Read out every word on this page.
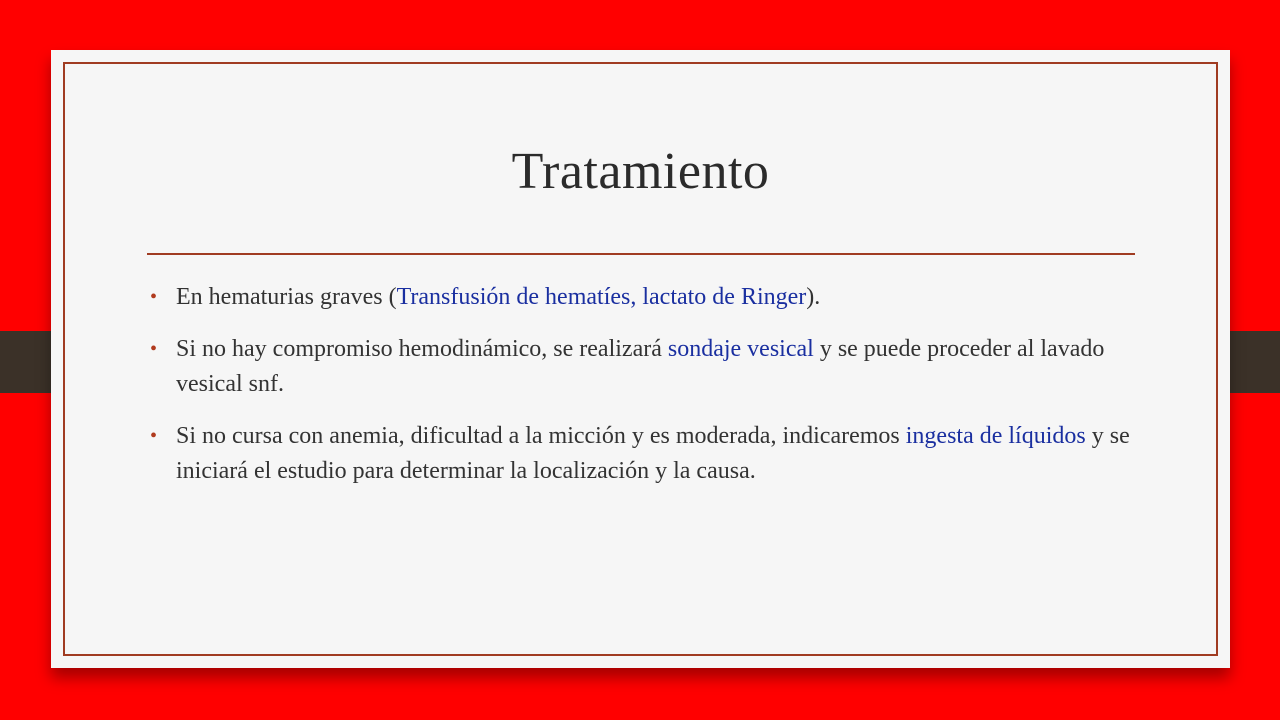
Tratamiento
• En hematurias graves (Transfusión de hematíes, lactato de Ringer).
• Si no hay compromiso hemodinámico, se realizará sondaje vesical y se puede proceder al lavado vesical snf.
• Si no cursa con anemia, dificultad a la micción y es moderada, indicaremos ingesta de líquidos y se iniciará el estudio para determinar la localización y la causa.
